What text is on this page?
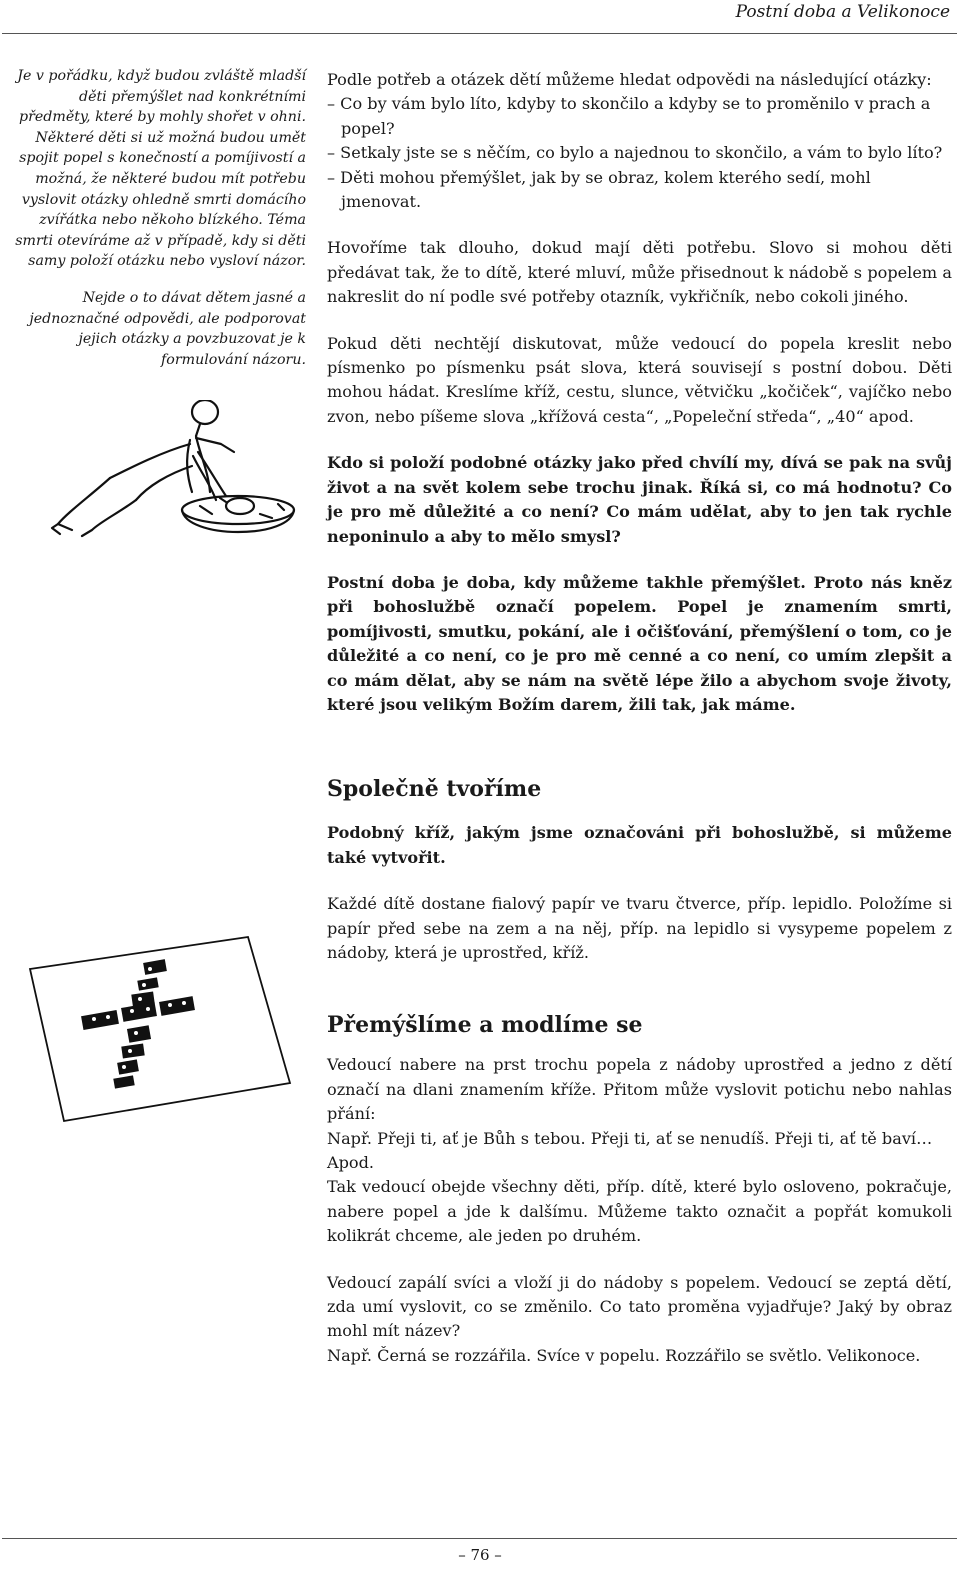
Postní doba a Velikonoce

Je v pořádku, když budou zvláště mladší děti přemýšlet nad konkrétními předměty, které by mohly shořet v ohni. Některé děti si už možná budou umět spojit popel s konečností a pomíjivostí a možná, že některé budou mít potřebu vyslovit otázky ohledně smrti domácího zvířátka nebo někoho blízkého. Téma smrti otevíráme až v případě, kdy si děti samy položí otázku nebo vysloví názor.

Nejde o to dávat dětem jasné a jednoznačné odpovědi, ale podporovat jejich otázky a povzbuzovat je k formulování názoru.

Podle potřeb a otázek dětí můžeme hledat odpovědi na následující otázky:

– Co by vám bylo líto, kdyby to skončilo a kdyby se to proměnilo v prach a popel?
– Setkaly jste se s něčím, co bylo a najednou to skončilo, a vám to bylo líto?
– Děti mohou přemýšlet, jak by se obraz, kolem kterého sedí, mohl jmenovat.

Hovoříme tak dlouho, dokud mají děti potřebu. Slovo si mohou děti předávat tak, že to dítě, které mluví, může přisednout k nádobě s popelem a nakreslit do ní podle své potřeby otazník, vykřičník, nebo cokoli jiného.

Pokud děti nechtějí diskutovat, může vedoucí do popela kreslit nebo písmenko po písmenku psát slova, která souvisejí s postní dobou. Děti mohou hádat. Kreslíme kříž, cestu, slunce, větvičku „kočiček“, vajíčko nebo zvon, nebo píšeme slova „křížová cesta“, „Popeleční středa“, „40“ apod.

Kdo si položí podobné otázky jako před chvílí my, dívá se pak na svůj život a na svět kolem sebe trochu jinak. Říká si, co má hodnotu? Co je pro mě důležité a co není? Co mám udělat, aby to jen tak rychle neponinulo a aby to mělo smysl?

Postní doba je doba, kdy můžeme takhle přemýšlet. Proto nás kněz při bohoslužbě označí popelem. Popel je znamením smrti, pomíjivosti, smutku, pokání, ale i očišťování, přemýšlení o tom, co je důležité a co není, co je pro mě cenné a co není, co umím zlepšit a co mám dělat, aby se nám na světě lépe žilo a abychom svoje životy, které jsou velikým Božím darem, žili tak, jak máme.

Společně tvoříme

Podobný kříž, jakým jsme označováni při bohoslužbě, si můžeme také vytvořit.

Každé dítě dostane fialový papír ve tvaru čtverce, příp. lepidlo. Položíme si papír před sebe na zem a na něj, příp. na lepidlo si vysypeme popelem z nádoby, která je uprostřed, kříž.

Přemýšlíme a modlíme se

Vedoucí nabere na prst trochu popela z nádoby uprostřed a jedno z dětí označí na dlani znamením kříže. Přitom může vyslovit potichu nebo nahlas přání:

Např. Přeji ti, ať je Bůh s tebou. Přeji ti, ať se nenudíš. Přeji ti, ať tě baví… Apod.

Tak vedoucí obejde všechny děti, příp. dítě, které bylo osloveno, pokračuje, nabere popel a jde k dalšímu. Můžeme takto označit a popřát komukoli kolikrát chceme, ale jeden po druhém.

Vedoucí zapálí svíci a vloží ji do nádoby s popelem. Vedoucí se zeptá dětí, zda umí vyslovit, co se změnilo. Co tato proměna vyjadřuje? Jaký by obraz mohl mít název?

Např. Černá se rozzářila. Svíce v popelu. Rozzářilo se světlo. Velikonoce.

– 76 –
